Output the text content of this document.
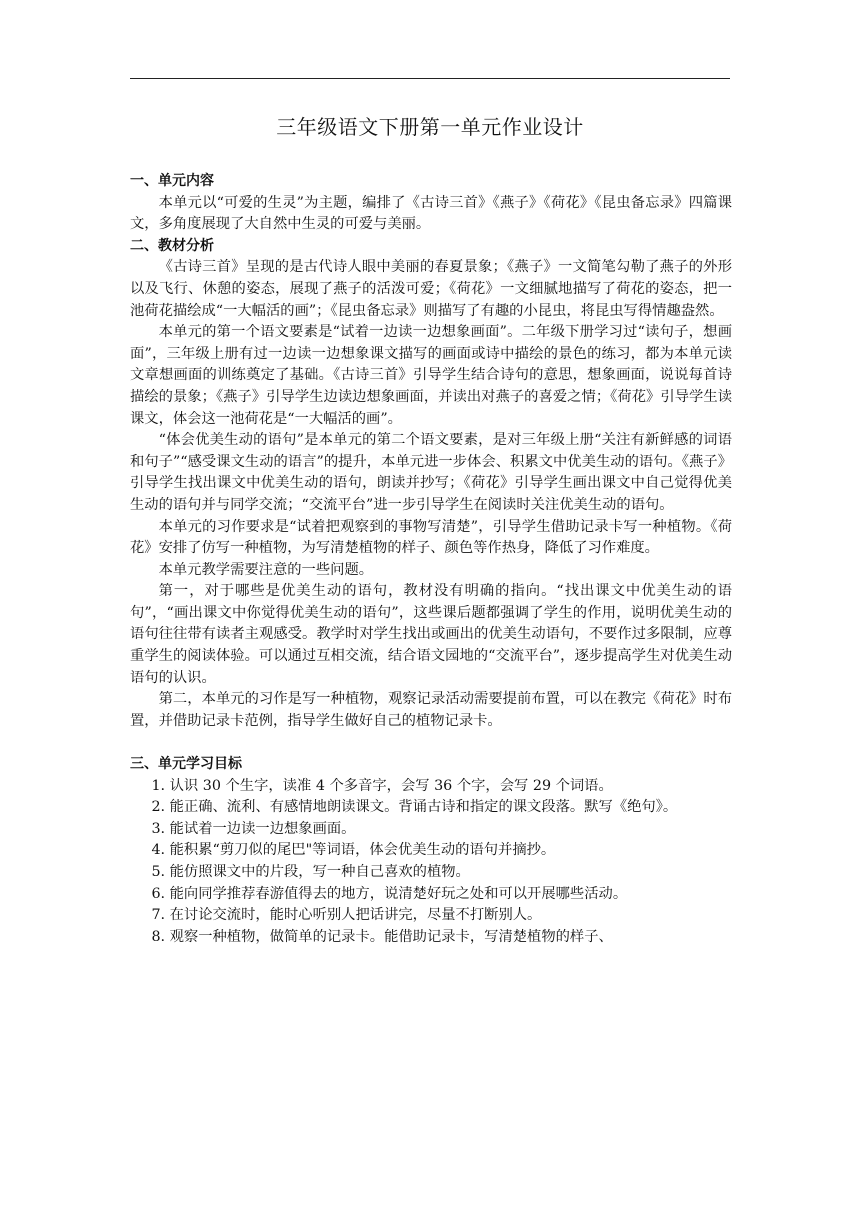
三年级语文下册第一单元作业设计

一、单元内容

本单元以“可爱的生灵”为主题，编排了《古诗三首》《燕子》《荷花》《昆虫备忘录》四篇课文，多角度展现了大自然中生灵的可爱与美丽。

二、教材分析

《古诗三首》呈现的是古代诗人眼中美丽的春夏景象；《燕子》一文简笔勾勒了燕子的外形以及飞行、休憩的姿态，展现了燕子的活泼可爱；《荷花》一文细腻地描写了荷花的姿态，把一池荷花描绘成“一大幅活的画”；《昆虫备忘录》则描写了有趣的小昆虫，将昆虫写得情趣盎然。

本单元的第一个语文要素是“试着一边读一边想象画面”。二年级下册学习过“读句子，想画面”，三年级上册有过一边读一边想象课文描写的画面或诗中描绘的景色的练习，都为本单元读文章想画面的训练奠定了基础。《古诗三首》引导学生结合诗句的意思，想象画面，说说每首诗描绘的景象；《燕子》引导学生边读边想象画面，并读出对燕子的喜爱之情；《荷花》引导学生读课文，体会这一池荷花是“一大幅活的画”。

“体会优美生动的语句”是本单元的第二个语文要素，是对三年级上册“关注有新鲜感的词语和句子”“感受课文生动的语言”的提升，本单元进一步体会、积累文中优美生动的语句。《燕子》引导学生找出课文中优美生动的语句，朗读并抄写；《荷花》引导学生画出课文中自己觉得优美生动的语句并与同学交流；“交流平台”进一步引导学生在阅读时关注优美生动的语句。

本单元的习作要求是“试着把观察到的事物写清楚”，引导学生借助记录卡写一种植物。《荷花》安排了仿写一种植物，为写清楚植物的样子、颜色等作热身，降低了习作难度。

本单元教学需要注意的一些问题。

第一，对于哪些是优美生动的语句，教材没有明确的指向。“找出课文中优美生动的语句”，“画出课文中你觉得优美生动的语句”，这些课后题都强调了学生的作用，说明优美生动的语句往往带有读者主观感受。教学时对学生找出或画出的优美生动语句，不要作过多限制，应尊重学生的阅读体验。可以通过互相交流，结合语文园地的“交流平台”，逐步提高学生对优美生动语句的认识。

第二，本单元的习作是写一种植物，观察记录活动需要提前布置，可以在教完《荷花》时布置，并借助记录卡范例，指导学生做好自己的植物记录卡。

三、单元学习目标

1. 认识 30 个生字，读准 4 个多音字，会写 36 个字，会写 29 个词语。

2. 能正确、流利、有感情地朗读课文。背诵古诗和指定的课文段落。默写《绝句》。

3. 能试着一边读一边想象画面。

4. 能积累“剪刀似的尾巴"等词语，体会优美生动的语句并摘抄。

5. 能仿照课文中的片段，写一种自己喜欢的植物。

6. 能向同学推荐春游值得去的地方，说清楚好玩之处和可以开展哪些活动。

7. 在讨论交流时，能时心听别人把话讲完，尽量不打断别人。

8. 观察一种植物，做简单的记录卡。能借助记录卡，写清楚植物的样子、
